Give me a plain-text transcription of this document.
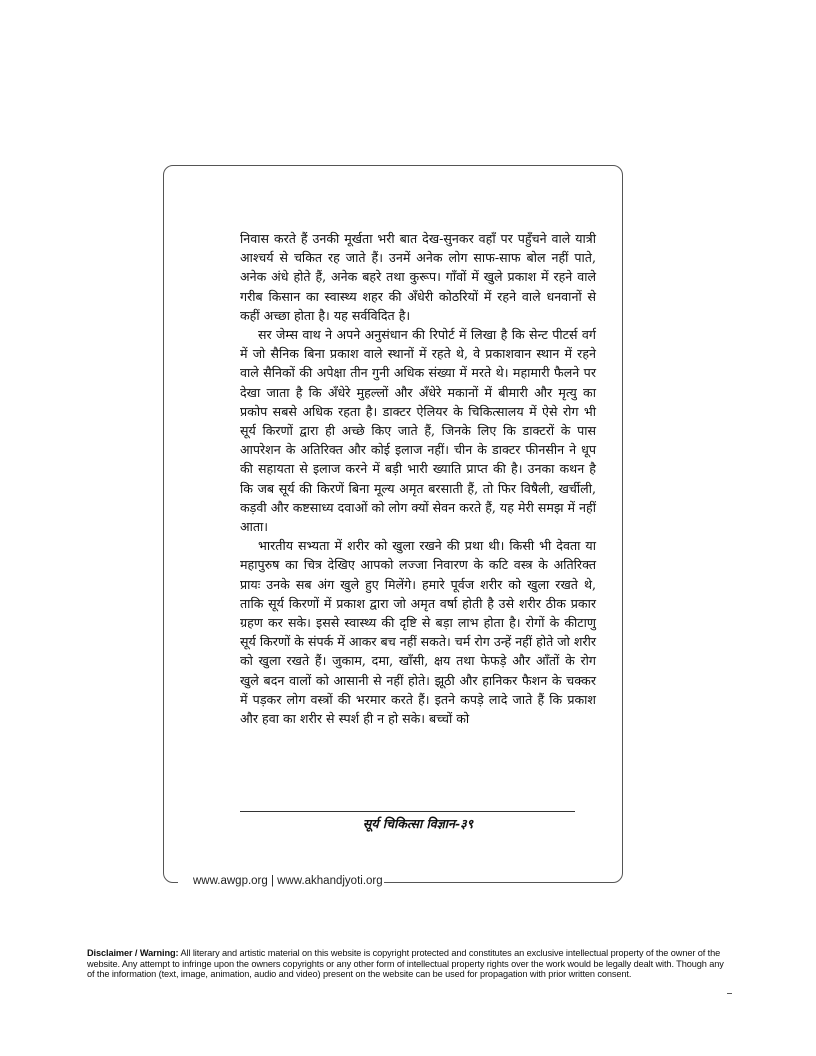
निवास करते हैं उनकी मूर्खता भरी बात देख-सुनकर वहाँ पर पहुँचने वाले यात्री आश्चर्य से चकित रह जाते हैं। उनमें अनेक लोग साफ-साफ बोल नहीं पाते, अनेक अंधे होते हैं, अनेक बहरे तथा कुरूप। गाँवों में खुले प्रकाश में रहने वाले गरीब किसान का स्वास्थ्य शहर की अँधेरी कोठरियों में रहने वाले धनवानों से कहीं अच्छा होता है। यह सर्वविदित है।

सर जेम्स वाथ ने अपने अनुसंधान की रिपोर्ट में लिखा है कि सेन्ट पीटर्स वर्ग में जो सैनिक बिना प्रकाश वाले स्थानों में रहते थे, वे प्रकाशवान स्थान में रहने वाले सैनिकों की अपेक्षा तीन गुनी अधिक संख्या में मरते थे। महामारी फैलने पर देखा जाता है कि अँधेरे मुहल्लों और अँधेरे मकानों में बीमारी और मृत्यु का प्रकोप सबसे अधिक रहता है। डाक्टर ऐलियर के चिकित्सालय में ऐसे रोग भी सूर्य किरणों द्वारा ही अच्छे किए जाते हैं, जिनके लिए कि डाक्टरों के पास आपरेशन के अतिरिक्त और कोई इलाज नहीं। चीन के डाक्टर फीनसीन ने धूप की सहायता से इलाज करने में बड़ी भारी ख्याति प्राप्त की है। उनका कथन है कि जब सूर्य की किरणें बिना मूल्य अमृत बरसाती हैं, तो फिर विषैली, खर्चीली, कड़वी और कष्टसाध्य दवाओं को लोग क्यों सेवन करते हैं, यह मेरी समझ में नहीं आता।

भारतीय सभ्यता में शरीर को खुला रखने की प्रथा थी। किसी भी देवता या महापुरुष का चित्र देखिए आपको लज्जा निवारण के कटि वस्त्र के अतिरिक्त प्रायः उनके सब अंग खुले हुए मिलेंगे। हमारे पूर्वज शरीर को खुला रखते थे, ताकि सूर्य किरणों में प्रकाश द्वारा जो अमृत वर्षा होती है उसे शरीर ठीक प्रकार ग्रहण कर सके। इससे स्वास्थ्य की दृष्टि से बड़ा लाभ होता है। रोगों के कीटाणु सूर्य किरणों के संपर्क में आकर बच नहीं सकते। चर्म रोग उन्हें नहीं होते जो शरीर को खुला रखते हैं। जुकाम, दमा, खाँसी, क्षय तथा फेफड़े और आँतों के रोग खुले बदन वालों को आसानी से नहीं होते। झूठी और हानिकर फैशन के चक्कर में पड़कर लोग वस्त्रों की भरमार करते हैं। इतने कपड़े लादे जाते हैं कि प्रकाश और हवा का शरीर से स्पर्श ही न हो सके। बच्चों को

सूर्य चिकित्सा विज्ञान-३९
www.awgp.org | www.akhandjyoti.org
Disclaimer / Warning: All literary and artistic material on this website is copyright protected and constitutes an exclusive intellectual property of the owner of the website. Any attempt to infringe upon the owners copyrights or any other form of intellectual property rights over the work would be legally dealt with. Though any of the information (text, image, animation, audio and video) present on the website can be used for propagation with prior written consent.
